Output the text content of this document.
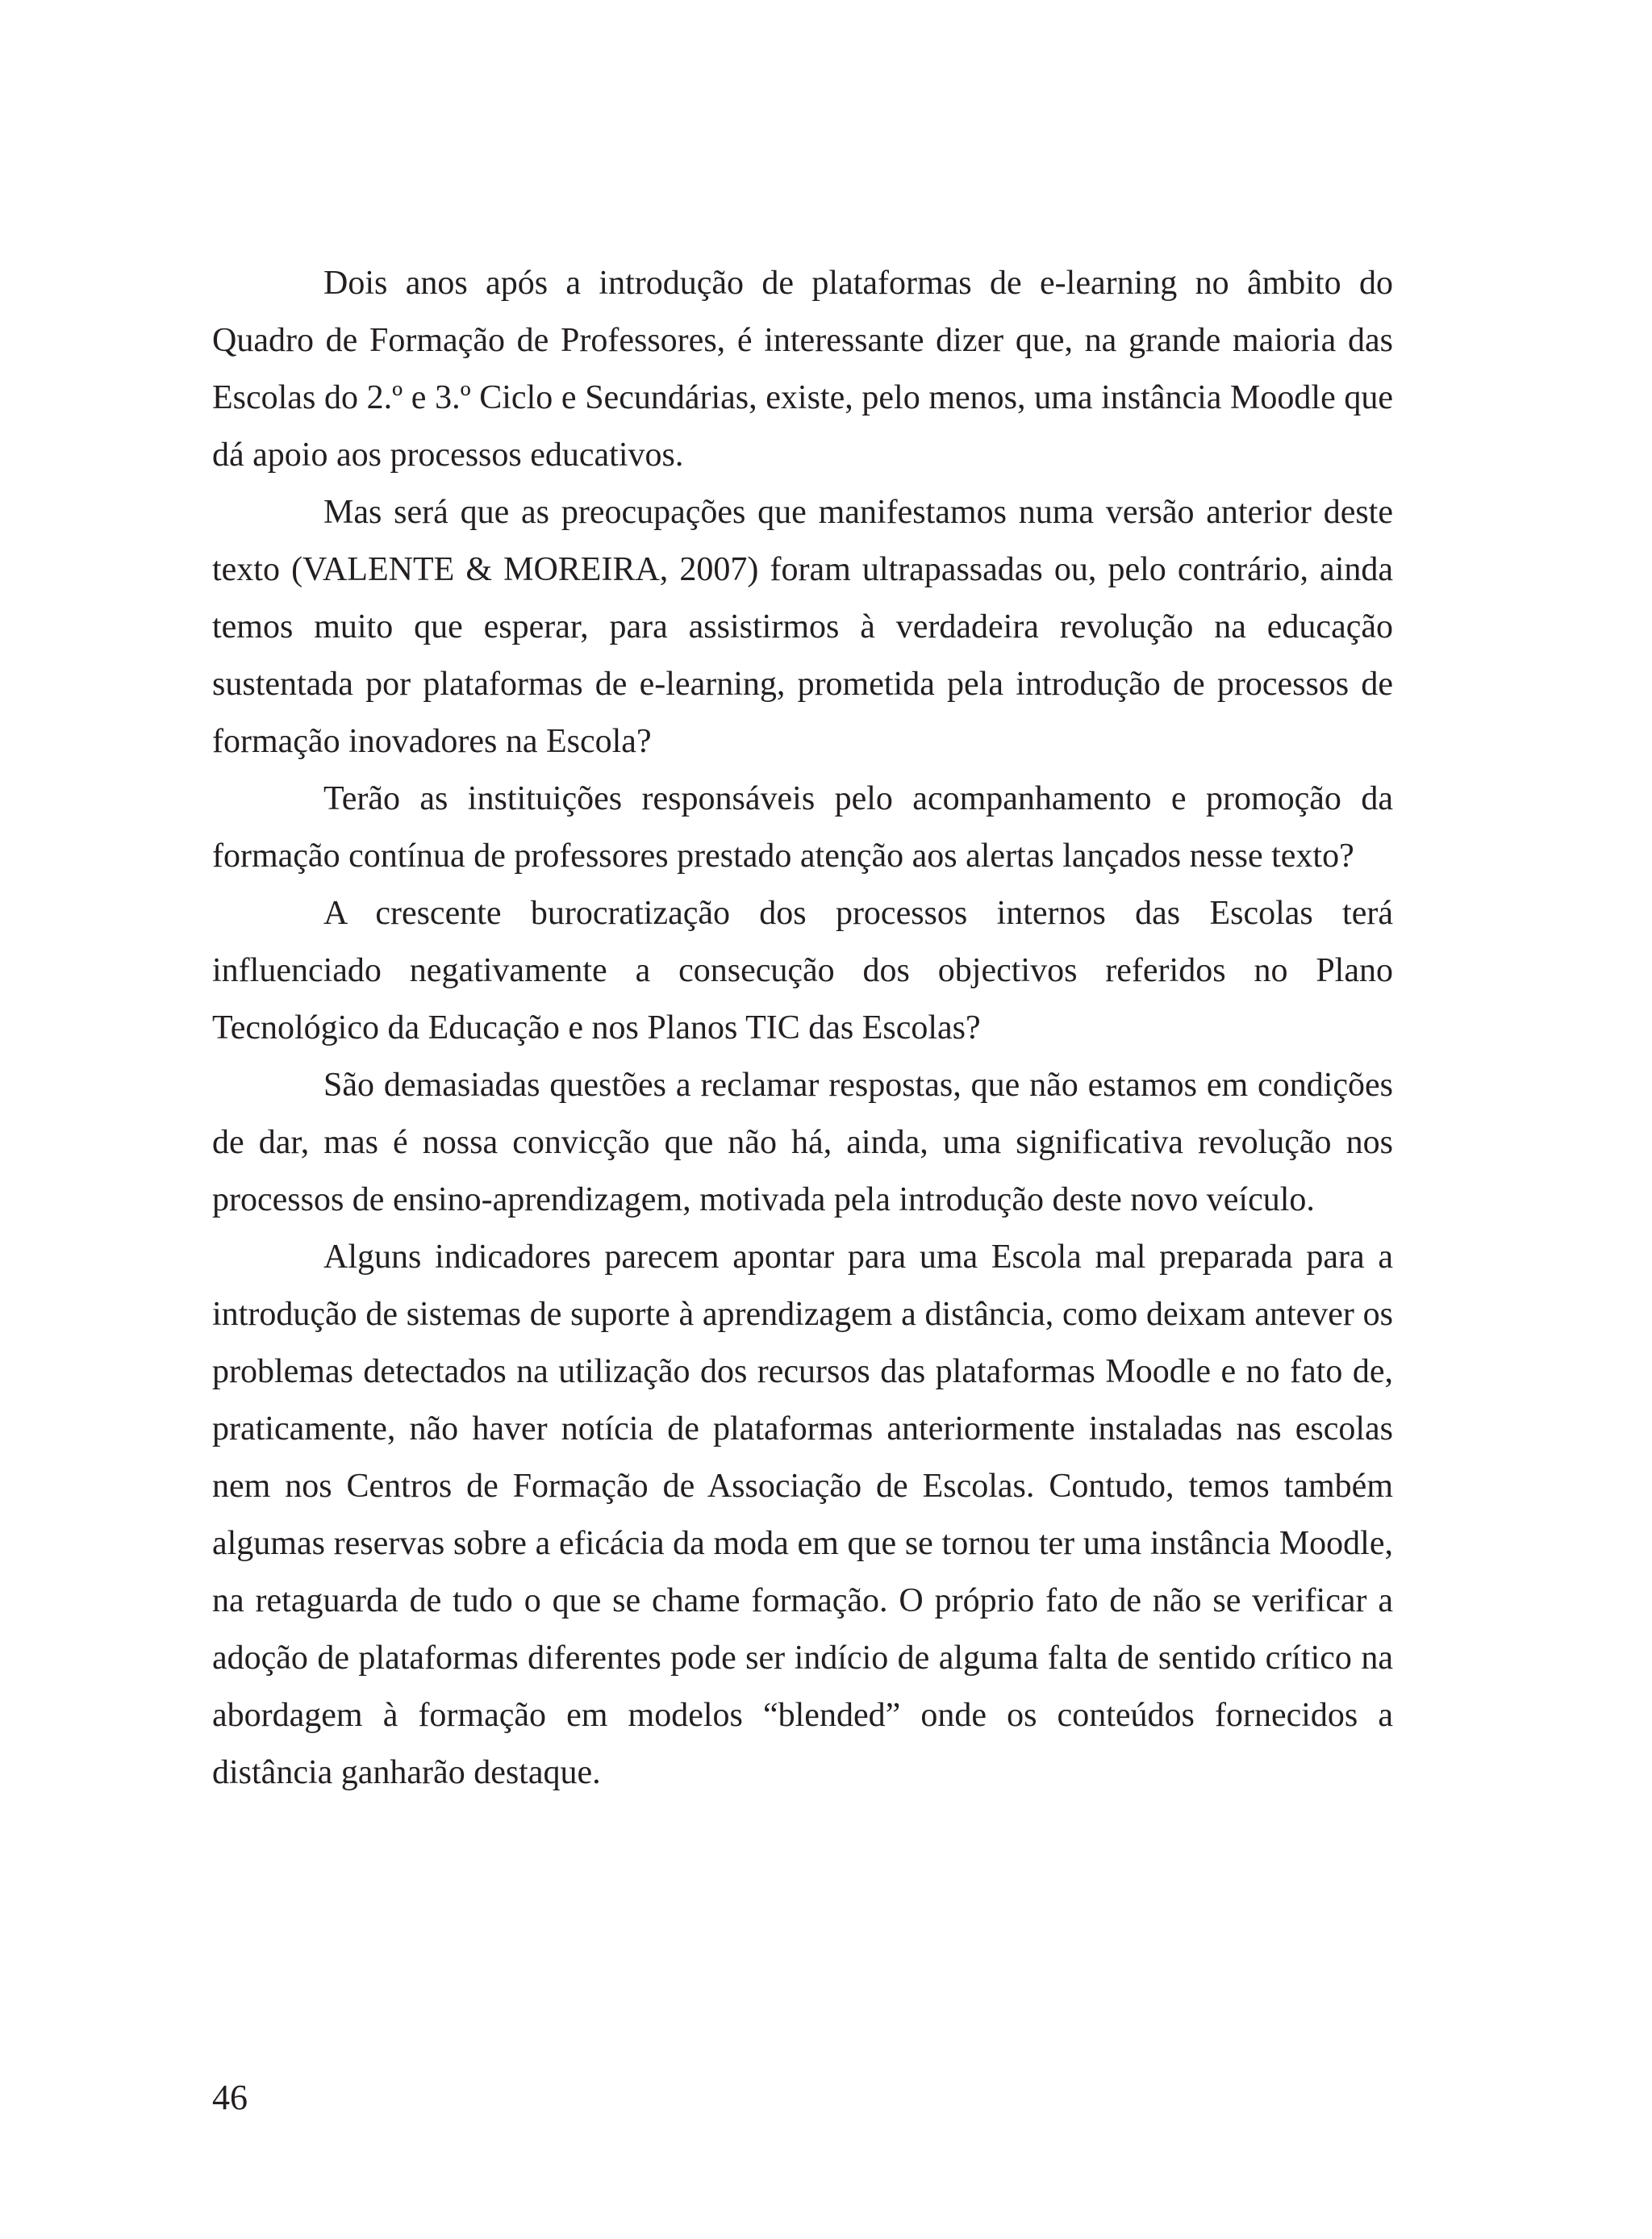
Dois anos após a introdução de plataformas de e-learning no âmbito do Quadro de Formação de Professores, é interessante dizer que, na grande maioria das Escolas do 2.º e 3.º Ciclo e Secundárias, existe, pelo menos, uma instância Moodle que dá apoio aos processos educativos.

Mas será que as preocupações que manifestamos numa versão anterior deste texto (VALENTE & MOREIRA, 2007) foram ultrapassadas ou, pelo contrário, ainda temos muito que esperar, para assistirmos à verdadeira revolução na educação sustentada por plataformas de e-learning, prometida pela introdução de processos de formação inovadores na Escola?

Terão as instituições responsáveis pelo acompanhamento e promoção da formação contínua de professores prestado atenção aos alertas lançados nesse texto?

A crescente burocratização dos processos internos das Escolas terá influenciado negativamente a consecução dos objectivos referidos no Plano Tecnológico da Educação e nos Planos TIC das Escolas?

São demasiadas questões a reclamar respostas, que não estamos em condições de dar, mas é nossa convicção que não há, ainda, uma significativa revolução nos processos de ensino-aprendizagem, motivada pela introdução deste novo veículo.

Alguns indicadores parecem apontar para uma Escola mal preparada para a introdução de sistemas de suporte à aprendizagem a distância, como deixam antever os problemas detectados na utilização dos recursos das plataformas Moodle e no fato de, praticamente, não haver notícia de plataformas anteriormente instaladas nas escolas nem nos Centros de Formação de Associação de Escolas. Contudo, temos também algumas reservas sobre a eficácia da moda em que se tornou ter uma instância Moodle, na retaguarda de tudo o que se chame formação. O próprio fato de não se verificar a adoção de plataformas diferentes pode ser indício de alguma falta de sentido crítico na abordagem à formação em modelos “blended” onde os conteúdos fornecidos a distância ganharão destaque.

46
